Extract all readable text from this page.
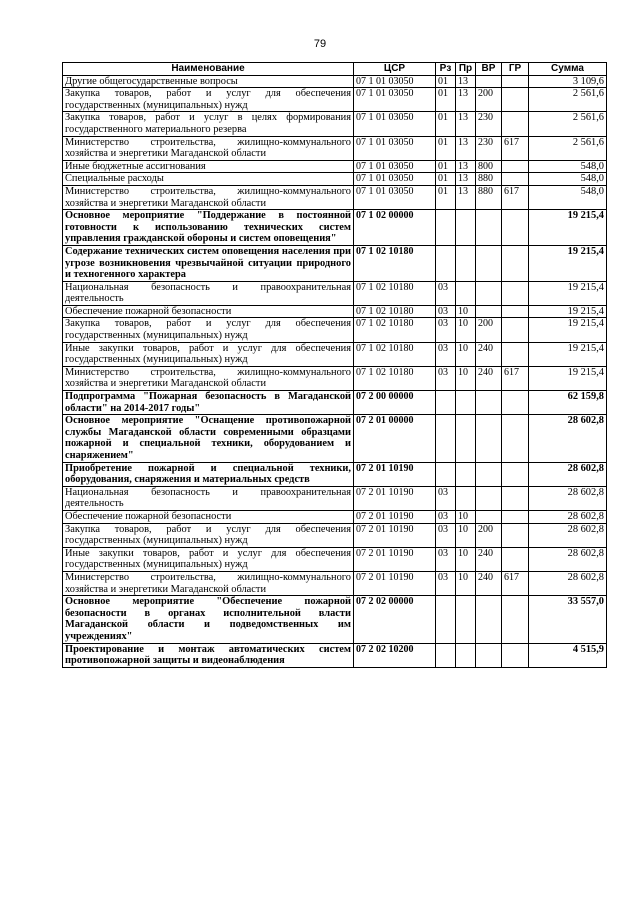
79
Наименование	ЦСР	Рз	Пр	ВР	ГР	Сумма
Другие общегосударственные вопросы	07 1 01 03050	01	13			3 109,6
Закупка товаров, работ и услуг для обеспечения государственных (муниципальных) нужд	07 1 01 03050	01	13	200		2 561,6
Закупка товаров, работ и услуг в целях формирования государственного материального резерва	07 1 01 03050	01	13	230		2 561,6
Министерство строительства, жилищно-коммунального хозяйства и энергетики Магаданской области	07 1 01 03050	01	13	230	617	2 561,6
Иные бюджетные ассигнования	07 1 01 03050	01	13	800		548,0
Специальные расходы	07 1 01 03050	01	13	880		548,0
Министерство строительства, жилищно-коммунального хозяйства и энергетики Магаданской области	07 1 01 03050	01	13	880	617	548,0
Основное мероприятие "Поддержание в постоянной готовности к использованию технических систем управления гражданской обороны и систем оповещения"	07 1 02 00000					19 215,4
Содержание технических систем оповещения населения при угрозе возникновения чрезвычайной ситуации природного и техногенного характера	07 1 02 10180					19 215,4
Национальная безопасность и правоохранительная деятельность	07 1 02 10180	03				19 215,4
Обеспечение пожарной безопасности	07 1 02 10180	03	10			19 215,4
Закупка товаров, работ и услуг для обеспечения государственных (муниципальных) нужд	07 1 02 10180	03	10	200		19 215,4
Иные закупки товаров, работ и услуг для обеспечения государственных (муниципальных) нужд	07 1 02 10180	03	10	240		19 215,4
Министерство строительства, жилищно-коммунального хозяйства и энергетики Магаданской области	07 1 02 10180	03	10	240	617	19 215,4
Подпрограмма "Пожарная безопасность в Магаданской области" на 2014-2017 годы"	07 2 00 00000					62 159,8
Основное мероприятие "Оснащение противопожарной службы Магаданской области современными образцами пожарной и специальной техники, оборудованием и снаряжением"	07 2 01 00000					28 602,8
Приобретение пожарной и специальной техники, оборудования, снаряжения и материальных средств	07 2 01 10190					28 602,8
Национальная безопасность и правоохранительная деятельность	07 2 01 10190	03				28 602,8
Обеспечение пожарной безопасности	07 2 01 10190	03	10			28 602,8
Закупка товаров, работ и услуг для обеспечения государственных (муниципальных) нужд	07 2 01 10190	03	10	200		28 602,8
Иные закупки товаров, работ и услуг для обеспечения государственных (муниципальных) нужд	07 2 01 10190	03	10	240		28 602,8
Министерство строительства, жилищно-коммунального хозяйства и энергетики Магаданской области	07 2 01 10190	03	10	240	617	28 602,8
Основное мероприятие "Обеспечение пожарной безопасности в органах исполнительной власти Магаданской области и подведомственных им учреждениях"	07 2 02 00000					33 557,0
Проектирование и монтаж автоматических систем противопожарной защиты и видеонаблюдения	07 2 02 10200					4 515,9
